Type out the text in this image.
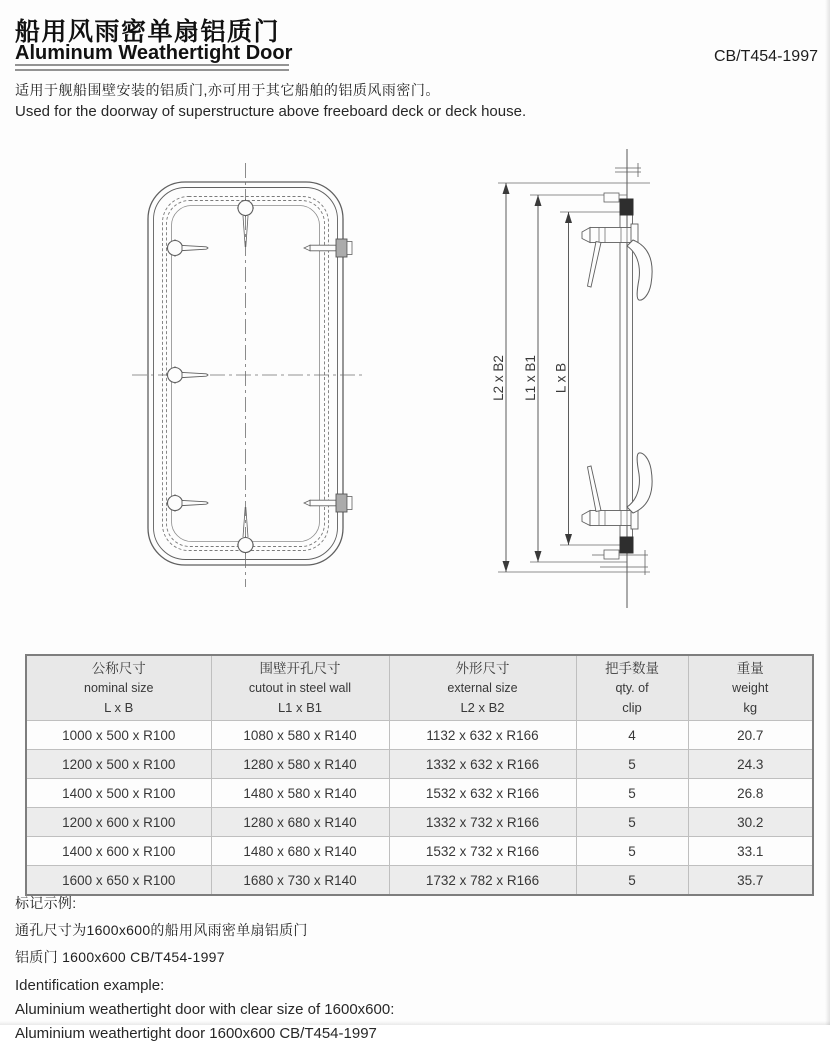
船用风雨密单扇铝质门
Aluminum Weathertight Door	CB/T454-1997

适用于舰船围壁安装的铝质门,亦可用于其它船舶的铝质风雨密门。

Used for the doorway of superstructure above freeboard deck or deck house.

L2 x B2 L1 x B1 L x B
公称尺寸
nominal size
L x B

围壁开孔尺寸
cutout in steel wall
L1 x B1

外形尺寸
external size
L2 x B2

把手数量
qty. of
clip

重量
weight
kg

1000 x 500 x R100	1080 x 580 x R140	1132 x 632 x R166	4	20.7
1200 x 500 x R100	1280 x 580 x R140	1332 x 632 x R166	5	24.3
1400 x 500 x R100	1480 x 580 x R140	1532 x 632 x R166	5	26.8
1200 x 600 x R100	1280 x 680 x R140	1332 x 732 x R166	5	30.2
1400 x 600 x R100	1480 x 680 x R140	1532 x 732 x R166	5	33.1
1600 x 650 x R100	1680 x 730 x R140	1732 x 782 x R166	5	35.7
标记示例:
通孔尺寸为1600x600的船用风雨密单扇铝质门
铝质门 1600x600 CB/T454-1997
Identification example:
Aluminium weathertight door with clear size of 1600x600:
Aluminium weathertight door 1600x600 CB/T454-1997
